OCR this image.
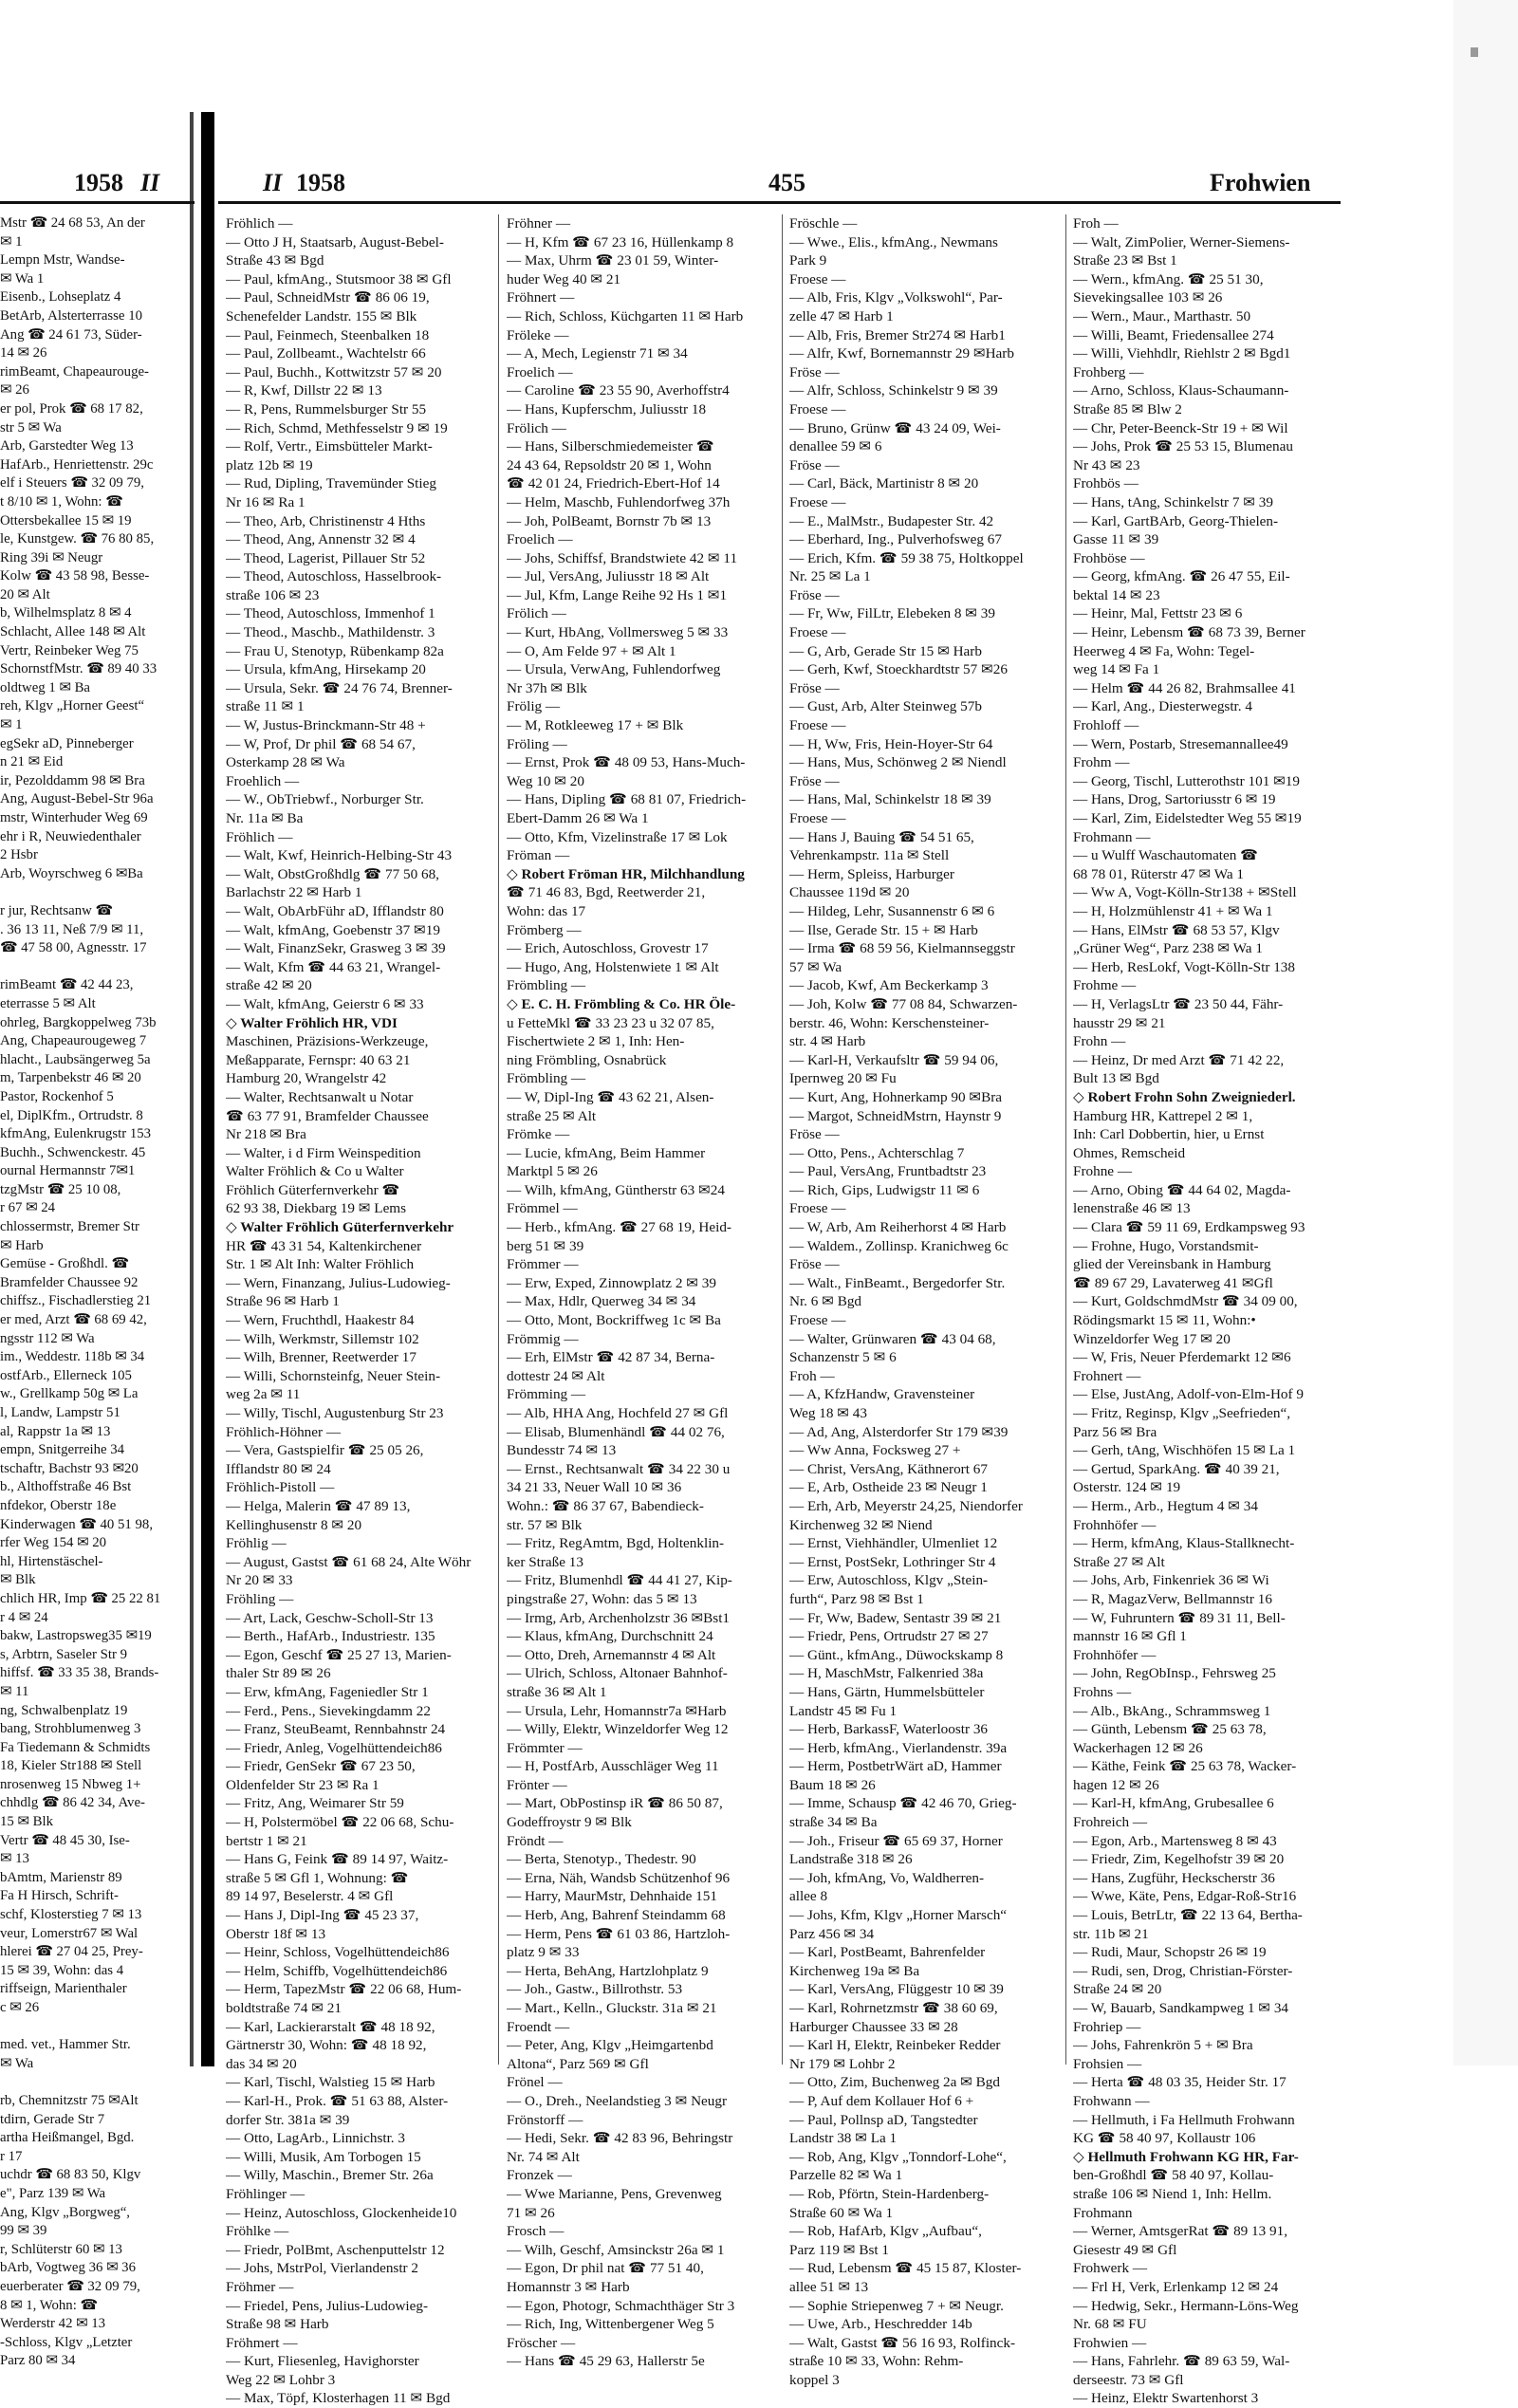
1958 II
Mstr ☎ 24 68 53, An der
✉ 1
Lempn Mstr, Wandse-
✉ Wa 1
Eisenb., Lohseplatz 4
BetArb, Alsterterrasse 10
Ang ☎ 24 61 73, Süder-
14 ✉ 26
rimBeamt, Chapeaurouge-
✉ 26
er pol, Prok ☎ 68 17 82,
str 5 ✉ Wa
Arb, Garstedter Weg 13
HafArb., Henriettenstr. 29c
elf i Steuers ☎ 32 09 79,
t 8/10 ✉ 1, Wohn: ☎
Ottersbekallee 15 ✉ 19
le, Kunstgew. ☎ 76 80 85,
Ring 39i ✉ Neugr
Kolw ☎ 43 58 98, Besse-
20 ✉ Alt
b, Wilhelmsplatz 8 ✉ 4
Schlacht, Allee 148 ✉ Alt
Vertr, Reinbeker Weg 75
SchornstfMstr. ☎ 89 40 33
oldtweg 1 ✉ Ba
reh, Klgv „Horner Geest“
✉ 1
egSekr aD, Pinneberger
n 21 ✉ Eid
ir, Pezolddamm 98 ✉ Bra
Ang, August-Bebel-Str 96a
mstr, Winterhuder Weg 69
ehr i R, Neuwiedenthaler
2 Hsbr
Arb, Woyrschweg 6 ✉Ba

r jur, Rechtsanw ☎
. 36 13 11, Neß 7/9 ✉ 11,
☎ 47 58 00, Agnesstr. 17

rimBeamt ☎ 42 44 23,
eterrasse 5 ✉ Alt
ohrleg, Bargkoppelweg 73b
Ang, Chapeaurougeweg 7
hlacht., Laubsängerweg 5a
m, Tarpenbekstr 46 ✉ 20
Pastor, Rockenhof 5
el, DiplKfm., Ortrudstr. 8
kfmAng, Eulenkrugstr 153
Buchh., Schwenckestr. 45
ournal Hermannstr 7✉1
tzgMstr ☎ 25 10 08,
r 67 ✉ 24
chlossermstr, Bremer Str
✉ Harb
Gemüse - Großhdl. ☎
Bramfelder Chaussee 92
chiffsz., Fischadlerstieg 21
er med, Arzt ☎ 68 69 42,
ngsstr 112 ✉ Wa
im., Weddestr. 118b ✉ 34
ostfArb., Ellerneck 105
w., Grellkamp 50g ✉ La
l, Landw, Lampstr 51
al, Rappstr 1a ✉ 13
empn, Snitgerreihe 34
tschaftr, Bachstr 93 ✉20
b., Althoffstraße 46 Bst
nfdekor, Oberstr 18e
Kinderwagen ☎ 40 51 98,
rfer Weg 154 ✉ 20
hl, Hirtenstäschel-
✉ Blk
chlich HR, Imp ☎ 25 22 81
r 4 ✉ 24
bakw, Lastropsweg35 ✉19
s, Arbtrn, Saseler Str 9
hiffsf. ☎ 33 35 38, Brands-
✉ 11
ng, Schwalbenplatz 19
bang, Strohblumenweg 3
Fa Tiedemann & Schmidts
18, Kieler Str188 ✉ Stell
nrosenweg 15 Nbweg 1+
chhdlg ☎ 86 42 34, Ave-
15 ✉ Blk
Vertr ☎ 48 45 30, Ise-
✉ 13
bAmtm, Marienstr 89
Fa H Hirsch, Schrift-
schf, Klosterstieg 7 ✉ 13
veur, Lomerstr67 ✉ Wal
hlerei ☎ 27 04 25, Prey-
15 ✉ 39, Wohn: das 4
riffseign, Marienthaler
c ✉ 26

med. vet., Hammer Str.
✉ Wa

rb, Chemnitzstr 75 ✉Alt
tdirn, Gerade Str 7
artha Heißmangel, Bgd.
r 17
uchdr ☎ 68 83 50, Klgv
e", Parz 139 ✉ Wa
Ang, Klgv „Borgweg“,
99 ✉ 39
r, Schlüterstr 60 ✉ 13
bArb, Vogtweg 36 ✉ 36
euerberater ☎ 32 09 79,
8 ✉ 1, Wohn: ☎
Werderstr 42 ✉ 13
-Schloss, Klgv „Letzter
Parz 80 ✉ 34
II 1958	455	Frohwien
Fröhlich —
— Otto J H, Staatsarb, August-Bebel-
Straße 43 ✉ Bgd
— Paul, kfmAng., Stutsmoor 38 ✉ Gfl
— Paul, SchneidMstr ☎ 86 06 19,
Schenefelder Landstr. 155 ✉ Blk
— Paul, Feinmech, Steenbalken 18
— Paul, Zollbeamt., Wachtelstr 66
— Paul, Buchh., Kottwitzstr 57 ✉ 20
— R, Kwf, Dillstr 22 ✉ 13
— R, Pens, Rummelsburger Str 55
— Rich, Schmd, Methfesselstr 9 ✉ 19
— Rolf, Vertr., Eimsbütteler Markt-
platz 12b ✉ 19
— Rud, Dipling, Travemünder Stieg
Nr 16 ✉ Ra 1
— Theo, Arb, Christinenstr 4 Hths
— Theod, Ang, Annenstr 32 ✉ 4
— Theod, Lagerist, Pillauer Str 52
— Theod, Autoschloss, Hasselbrook-
straße 106 ✉ 23
— Theod, Autoschloss, Immenhof 1
— Theod., Maschb., Mathildenstr. 3
— Frau U, Stenotyp, Rübenkamp 82a
— Ursula, kfmAng, Hirsekamp 20
— Ursula, Sekr. ☎ 24 76 74, Brenner-
straße 11 ✉ 1
— W, Justus-Brinckmann-Str 48 +
— W, Prof, Dr phil ☎ 68 54 67,
Osterkamp 28 ✉ Wa
Froehlich —
— W., ObTriebwf., Norburger Str.
Nr. 11a ✉ Ba
Fröhlich —
— Walt, Kwf, Heinrich-Helbing-Str 43
— Walt, ObstGroßhdlg ☎ 77 50 68,
Barlachstr 22 ✉ Harb 1
— Walt, ObArbFühr aD, Ifflandstr 80
— Walt, kfmAng, Goebenstr 37 ✉19
— Walt, FinanzSekr, Grasweg 3 ✉ 39
— Walt, Kfm ☎ 44 63 21, Wrangel-
straße 42 ✉ 20
— Walt, kfmAng, Geierstr 6 ✉ 33
◇ Walter Fröhlich HR, VDI
Maschinen, Präzisions-Werkzeuge,
Meßapparate, Fernspr: 40 63 21
Hamburg 20, Wrangelstr 42
— Walter, Rechtsanwalt u Notar
☎ 63 77 91, Bramfelder Chaussee
Nr 218 ✉ Bra
— Walter, i d Firm Weinspedition
Walter Fröhlich & Co u Walter
Fröhlich Güterfernverkehr ☎
62 93 38, Diekbarg 19 ✉ Lems
◇ Walter Fröhlich Güterfernverkehr
HR ☎ 43 31 54, Kaltenkirchener
Str. 1 ✉ Alt Inh: Walter Fröhlich
— Wern, Finanzang, Julius-Ludowieg-
Straße 96 ✉ Harb 1
— Wern, Fruchthdl, Haakestr 84
— Wilh, Werkmstr, Sillemstr 102
— Wilh, Brenner, Reetwerder 17
— Willi, Schornsteinfg, Neuer Stein-
weg 2a ✉ 11
— Willy, Tischl, Augustenburg Str 23
Fröhlich-Höhner —
— Vera, Gastspielfir ☎ 25 05 26,
Ifflandstr 80 ✉ 24
Fröhlich-Pistoll —
— Helga, Malerin ☎ 47 89 13,
Kellinghusenstr 8 ✉ 20
Fröhlig —
— August, Gastst ☎ 61 68 24, Alte Wöhr
Nr 20 ✉ 33
Fröhling —
— Art, Lack, Geschw-Scholl-Str 13
— Berth., HafArb., Industriestr. 135
— Egon, Geschf ☎ 25 27 13, Marien-
thaler Str 89 ✉ 26
— Erw, kfmAng, Fageniedler Str 1
— Ferd., Pens., Sievekingdamm 22
— Franz, SteuBeamt, Rennbahnstr 24
— Friedr, Anleg, Vogelhüttendeich86
— Friedr, GenSekr ☎ 67 23 50,
Oldenfelder Str 23 ✉ Ra 1
— Fritz, Ang, Weimarer Str 59
— H, Polstermöbel ☎ 22 06 68, Schu-
bertstr 1 ✉ 21
— Hans G, Feink ☎ 89 14 97, Waitz-
straße 5 ✉ Gfl 1, Wohnung: ☎
89 14 97, Beselerstr. 4 ✉ Gfl
— Hans J, Dipl-Ing ☎ 45 23 37,
Oberstr 18f ✉ 13
— Heinr, Schloss, Vogelhüttendeich86
— Helm, Schiffb, Vogelhüttendeich86
— Herm, TapezMstr ☎ 22 06 68, Hum-
boldtstraße 74 ✉ 21
— Karl, Lackierarstalt ☎ 48 18 92,
Gärtnerstr 30, Wohn: ☎ 48 18 92,
das 34 ✉ 20
— Karl, Tischl, Walstieg 15 ✉ Harb
— Karl-H., Prok. ☎ 51 63 88, Alster-
dorfer Str. 381a ✉ 39
— Otto, LagArb., Linnichstr. 3
— Willi, Musik, Am Torbogen 15
— Willy, Maschin., Bremer Str. 26a
Fröhlinger —
— Heinz, Autoschloss, Glockenheide10
Fröhlke —
— Friedr, PolBmt, Aschenputtelstr 12
— Johs, MstrPol, Vierlandenstr 2
Fröhmer —
— Friedel, Pens, Julius-Ludowieg-
Straße 98 ✉ Harb
Fröhmert —
— Kurt, Fliesenleg, Havighorster
Weg 22 ✉ Lohbr 3
— Max, Töpf, Klosterhagen 11 ✉ Bgd
Fröhner —
— H, Kfm ☎ 67 23 16, Hüllenkamp 8
— Max, Uhrm ☎ 23 01 59, Winter-
huder Weg 40 ✉ 21
Fröhnert —
— Rich, Schloss, Küchgarten 11 ✉ Harb
Fröleke —
— A, Mech, Legienstr 71 ✉ 34
Froelich —
— Caroline ☎ 23 55 90, Averhoffstr4
— Hans, Kupferschm, Juliusstr 18
Frölich —
— Hans, Silberschmiedemeister ☎
24 43 64, Repsoldstr 20 ✉ 1, Wohn
☎ 42 01 24, Friedrich-Ebert-Hof 14
— Helm, Maschb, Fuhlendorfweg 37h
— Joh, PolBeamt, Bornstr 7b ✉ 13
Froelich —
— Johs, Schiffsf, Brandstwiete 42 ✉ 11
— Jul, VersAng, Juliusstr 18 ✉ Alt
— Jul, Kfm, Lange Reihe 92 Hs 1 ✉1
Frölich —
— Kurt, HbAng, Vollmersweg 5 ✉ 33
— O, Am Felde 97 + ✉ Alt 1
— Ursula, VerwAng, Fuhlendorfweg
Nr 37h ✉ Blk
Frölig —
— M, Rotkleeweg 17 + ✉ Blk
Fröling —
— Ernst, Prok ☎ 48 09 53, Hans-Much-
Weg 10 ✉ 20
— Hans, Dipling ☎ 68 81 07, Friedrich-
Ebert-Damm 26 ✉ Wa 1
— Otto, Kfm, Vizelinstraße 17 ✉ Lok
Fröman —
◇ Robert Fröman HR, Milchhandlung
☎ 71 46 83, Bgd, Reetwerder 21,
Wohn: das 17
Frömberg —
— Erich, Autoschloss, Grovestr 17
— Hugo, Ang, Holstenwiete 1 ✉ Alt
Frömbling —
◇ E. C. H. Frömbling & Co. HR Öle-
u FetteMkl ☎ 33 23 23 u 32 07 85,
Fischertwiete 2 ✉ 1, Inh: Hen-
ning Frömbling, Osnabrück
Frömbling —
— W, Dipl-Ing ☎ 43 62 21, Alsen-
straße 25 ✉ Alt
Frömke —
— Lucie, kfmAng, Beim Hammer
Marktpl 5 ✉ 26
— Wilh, kfmAng, Güntherstr 63 ✉24
Frömmel —
— Herb., kfmAng. ☎ 27 68 19, Heid-
berg 51 ✉ 39
Frömmer —
— Erw, Exped, Zinnowplatz 2 ✉ 39
— Max, Hdlr, Querweg 34 ✉ 34
— Otto, Mont, Bockriffweg 1c ✉ Ba
Frömmig —
— Erh, ElMstr ☎ 42 87 34, Berna-
dottestr 24 ✉ Alt
Frömming —
— Alb, HHA Ang, Hochfeld 27 ✉ Gfl
— Elisab, Blumenhändl ☎ 44 02 76,
Bundesstr 74 ✉ 13
— Ernst., Rechtsanwalt ☎ 34 22 30 u
34 21 33, Neuer Wall 10 ✉ 36
Wohn.: ☎ 86 37 67, Babendieck-
str. 57 ✉ Blk
— Fritz, RegAmtm, Bgd, Holtenklin-
ker Straße 13
— Fritz, Blumenhdl ☎ 44 41 27, Kip-
pingstraße 27, Wohn: das 5 ✉ 13
— Irmg, Arb, Archenholzstr 36 ✉Bst1
— Klaus, kfmAng, Durchschnitt 24
— Otto, Dreh, Arnemannstr 4 ✉ Alt
— Ulrich, Schloss, Altonaer Bahnhof-
straße 36 ✉ Alt 1
— Ursula, Lehr, Homannstr7a ✉Harb
— Willy, Elektr, Winzeldorfer Weg 12
Frömmter —
— H, PostfArb, Ausschläger Weg 11
Frönter —
— Mart, ObPostinsp iR ☎ 86 50 87,
Godeffroystr 9 ✉ Blk
Fröndt —
— Berta, Stenotyp., Thedestr. 90
— Erna, Näh, Wandsb Schützenhof 96
— Harry, MaurMstr, Dehnhaide 151
— Herb, Ang, Bahrenf Steindamm 68
— Herm, Pens ☎ 61 03 86, Hartzloh-
platz 9 ✉ 33
— Herta, BehAng, Hartzlohplatz 9
— Joh., Gastw., Billrothstr. 53
— Mart., Kelln., Gluckstr. 31a ✉ 21
Froendt —
— Peter, Ang, Klgv „Heimgartenbd
Altona“, Parz 569 ✉ Gfl
Frönel —
— O., Dreh., Neelandstieg 3 ✉ Neugr
Frönstorff —
— Hedi, Sekr. ☎ 42 83 96, Behringstr
Nr. 74 ✉ Alt
Fronzek —
— Wwe Marianne, Pens, Grevenweg
71 ✉ 26
Frosch —
— Wilh, Geschf, Amsinckstr 26a ✉ 1
— Egon, Dr phil nat ☎ 77 51 40,
Homannstr 3 ✉ Harb
— Egon, Photogr, Schmachthäger Str 3
— Rich, Ing, Wittenbergener Weg 5
Fröscher —
— Hans ☎ 45 29 63, Hallerstr 5e
Fröschle —
— Wwe., Elis., kfmAng., Newmans
Park 9
Froese —
— Alb, Fris, Klgv „Volkswohl“, Par-
zelle 47 ✉ Harb 1
— Alb, Fris, Bremer Str274 ✉ Harb1
— Alfr, Kwf, Bornemannstr 29 ✉Harb
Fröse —
— Alfr, Schloss, Schinkelstr 9 ✉ 39
Froese —
— Bruno, Grünw ☎ 43 24 09, Wei-
denallee 59 ✉ 6
Fröse —
— Carl, Bäck, Martinistr 8 ✉ 20
Froese —
— E., MalMstr., Budapester Str. 42
— Eberhard, Ing., Pulverhofsweg 67
— Erich, Kfm. ☎ 59 38 75, Holtkoppel
Nr. 25 ✉ La 1
Fröse —
— Fr, Ww, FilLtr, Elebeken 8 ✉ 39
Froese —
— G, Arb, Gerade Str 15 ✉ Harb
— Gerh, Kwf, Stoeckhardtstr 57 ✉26
Fröse —
— Gust, Arb, Alter Steinweg 57b
Froese —
— H, Ww, Fris, Hein-Hoyer-Str 64
— Hans, Mus, Schönweg 2 ✉ Niendl
Fröse —
— Hans, Mal, Schinkelstr 18 ✉ 39
Froese —
— Hans J, Bauing ☎ 54 51 65,
Vehrenkampstr. 11a ✉ Stell
— Herm, Spleiss, Harburger
Chaussee 119d ✉ 20
— Hildeg, Lehr, Susannenstr 6 ✉ 6
— Ilse, Gerade Str. 15 + ✉ Harb
— Irma ☎ 68 59 56, Kielmannseggstr
57 ✉ Wa
— Jacob, Kwf, Am Beckerkamp 3
— Joh, Kolw ☎ 77 08 84, Schwarzen-
berstr. 46, Wohn: Kerschensteiner-
str. 4 ✉ Harb
— Karl-H, Verkaufsltr ☎ 59 94 06,
Ipernweg 20 ✉ Fu
— Kurt, Ang, Hohnerkamp 90 ✉Bra
— Margot, SchneidMstrn, Haynstr 9
Fröse —
— Otto, Pens., Achterschlag 7
— Paul, VersAng, Fruntbadtstr 23
— Rich, Gips, Ludwigstr 11 ✉ 6
Froese —
— W, Arb, Am Reiherhorst 4 ✉ Harb
— Waldem., Zollinsp. Kranichweg 6c
Fröse —
— Walt., FinBeamt., Bergedorfer Str.
Nr. 6 ✉ Bgd
Froese —
— Walter, Grünwaren ☎ 43 04 68,
Schanzenstr 5 ✉ 6
Froh —
— A, KfzHandw, Gravensteiner
Weg 18 ✉ 43
— Ad, Ang, Alsterdorfer Str 179 ✉39
— Ww Anna, Focksweg 27 +
— Christ, VersAng, Käthnerort 67
— E, Arb, Ostheide 23 ✉ Neugr 1
— Erh, Arb, Meyerstr 24,25, Niendorfer
Kirchenweg 32 ✉ Niend
— Ernst, Viehhändler, Ulmenliet 12
— Ernst, PostSekr, Lothringer Str 4
— Erw, Autoschloss, Klgv „Stein-
furth“, Parz 98 ✉ Bst 1
— Fr, Ww, Badew, Sentastr 39 ✉ 21
— Friedr, Pens, Ortrudstr 27 ✉ 27
— Günt., kfmAng., Düwockskamp 8
— H, MaschMstr, Falkenried 38a
— Hans, Gärtn, Hummelsbütteler
Landstr 45 ✉ Fu 1
— Herb, BarkassF, Waterloostr 36
— Herb, kfmAng., Vierlandenstr. 39a
— Herm, PostbetrWärt aD, Hammer
Baum 18 ✉ 26
— Imme, Schausp ☎ 42 46 70, Grieg-
straße 34 ✉ Ba
— Joh., Friseur ☎ 65 69 37, Horner
Landstraße 318 ✉ 26
— Joh, kfmAng, Vo, Waldherren-
allee 8
— Johs, Kfm, Klgv „Horner Marsch“
Parz 456 ✉ 34
— Karl, PostBeamt, Bahrenfelder
Kirchenweg 19a ✉ Ba
— Karl, VersAng, Flüggestr 10 ✉ 39
— Karl, Rohrnetzmstr ☎ 38 60 69,
Harburger Chaussee 33 ✉ 28
— Karl H, Elektr, Reinbeker Redder
Nr 179 ✉ Lohbr 2
— Otto, Zim, Buchenweg 2a ✉ Bgd
— P, Auf dem Kollauer Hof 6 +
— Paul, Pollnsp aD, Tangstedter
Landstr 38 ✉ La 1
— Rob, Ang, Klgv „Tonndorf-Lohe“,
Parzelle 82 ✉ Wa 1
— Rob, Pförtn, Stein-Hardenberg-
Straße 60 ✉ Wa 1
— Rob, HafArb, Klgv „Aufbau“,
Parz 119 ✉ Bst 1
— Rud, Lebensm ☎ 45 15 87, Kloster-
allee 51 ✉ 13
— Sophie Striepenweg 7 + ✉ Neugr.
— Uwe, Arb., Heschredder 14b
— Walt, Gastst ☎ 56 16 93, Rolfinck-
straße 10 ✉ 33, Wohn: Rehm-
koppel 3
Froh —
— Walt, ZimPolier, Werner-Siemens-
Straße 23 ✉ Bst 1
— Wern., kfmAng. ☎ 25 51 30,
Sievekingsallee 103 ✉ 26
— Wern., Maur., Marthastr. 50
— Willi, Beamt, Friedensallee 274
— Willi, Viehhdlr, Riehlstr 2 ✉ Bgd1
Frohberg —
— Arno, Schloss, Klaus-Schaumann-
Straße 85 ✉ Blw 2
— Chr, Peter-Beenck-Str 19 + ✉ Wil
— Johs, Prok ☎ 25 53 15, Blumenau
Nr 43 ✉ 23
Frohbös —
— Hans, tAng, Schinkelstr 7 ✉ 39
— Karl, GartBArb, Georg-Thielen-
Gasse 11 ✉ 39
Frohböse —
— Georg, kfmAng. ☎ 26 47 55, Eil-
bektal 14 ✉ 23
— Heinr, Mal, Fettstr 23 ✉ 6
— Heinr, Lebensm ☎ 68 73 39, Berner
Heerweg 4 ✉ Fa, Wohn: Tegel-
weg 14 ✉ Fa 1
— Helm ☎ 44 26 82, Brahmsallee 41
— Karl, Ang., Diesterwegstr. 4
Frohloff —
— Wern, Postarb, Stresemannallee49
Frohm —
— Georg, Tischl, Lutterothstr 101 ✉19
— Hans, Drog, Sartoriusstr 6 ✉ 19
— Karl, Zim, Eidelstedter Weg 55 ✉19
Frohmann —
— u Wulff Waschautomaten ☎
68 78 01, Rüterstr 47 ✉ Wa 1
— Ww A, Vogt-Kölln-Str138 + ✉Stell
— H, Holzmühlenstr 41 + ✉ Wa 1
— Hans, ElMstr ☎ 68 53 57, Klgv
„Grüner Weg“, Parz 238 ✉ Wa 1
— Herb, ResLokf, Vogt-Kölln-Str 138
Frohme —
— H, VerlagsLtr ☎ 23 50 44, Fähr-
hausstr 29 ✉ 21
Frohn —
— Heinz, Dr med Arzt ☎ 71 42 22,
Bult 13 ✉ Bgd
◇ Robert Frohn Sohn Zweigniederl.
Hamburg HR, Kattrepel 2 ✉ 1,
Inh: Carl Dobbertin, hier, u Ernst
Ohmes, Remscheid
Frohne —
— Arno, Obing ☎ 44 64 02, Magda-
lenenstraße 46 ✉ 13
— Clara ☎ 59 11 69, Erdkampsweg 93
— Frohne, Hugo, Vorstandsmit-
glied der Vereinsbank in Hamburg
☎ 89 67 29, Lavaterweg 41 ✉Gfl
— Kurt, GoldschmdMstr ☎ 34 09 00,
Rödingsmarkt 15 ✉ 11, Wohn:•
Winzeldorfer Weg 17 ✉ 20
— W, Fris, Neuer Pferdemarkt 12 ✉6
Frohnert —
— Else, JustAng, Adolf-von-Elm-Hof 9
— Fritz, Reginsp, Klgv „Seefrieden“,
Parz 56 ✉ Bra
— Gerh, tAng, Wischhöfen 15 ✉ La 1
— Gertud, SparkAng. ☎ 40 39 21,
Osterstr. 124 ✉ 19
— Herm., Arb., Hegtum 4 ✉ 34
Frohnhöfer —
— Herm, kfmAng, Klaus-Stallknecht-
Straße 27 ✉ Alt
— Johs, Arb, Finkenriek 36 ✉ Wi
— R, MagazVerw, Bellmannstr 16
— W, Fuhruntern ☎ 89 31 11, Bell-
mannstr 16 ✉ Gfl 1
Frohnhöfer —
— John, RegObInsp., Fehrsweg 25
Frohns —
— Alb., BkAng., Schrammsweg 1
— Günth, Lebensm ☎ 25 63 78,
Wackerhagen 12 ✉ 26
— Käthe, Feink ☎ 25 63 78, Wacker-
hagen 12 ✉ 26
— Karl-H, kfmAng, Grubesallee 6
Frohreich —
— Egon, Arb., Martensweg 8 ✉ 43
— Friedr, Zim, Kegelhofstr 39 ✉ 20
— Hans, Zugführ, Heckscherstr 36
— Wwe, Käte, Pens, Edgar-Roß-Str16
— Louis, BetrLtr, ☎ 22 13 64, Bertha-
str. 11b ✉ 21
— Rudi, Maur, Schopstr 26 ✉ 19
— Rudi, sen, Drog, Christian-Förster-
Straße 24 ✉ 20
— W, Bauarb, Sandkampweg 1 ✉ 34
Frohriep —
— Johs, Fahrenkrön 5 + ✉ Bra
Frohsien —
— Herta ☎ 48 03 35, Heider Str. 17
Frohwann —
— Hellmuth, i Fa Hellmuth Frohwann
KG ☎ 58 40 97, Kollaustr 106
◇ Hellmuth Frohwann KG HR, Far-
ben-Großhdl ☎ 58 40 97, Kollau-
straße 106 ✉ Niend 1, Inh: Hellm.
Frohmann
— Werner, AmtsgerRat ☎ 89 13 91,
Giesestr 49 ✉ Gfl
Frohwerk —
— Frl H, Verk, Erlenkamp 12 ✉ 24
— Hedwig, Sekr., Hermann-Löns-Weg
Nr. 68 ✉ FU
Frohwien —
— Hans, Fahrlehr. ☎ 89 63 59, Wal-
derseestr. 73 ✉ Gfl
— Heinz, Elektr Swartenhorst 3
